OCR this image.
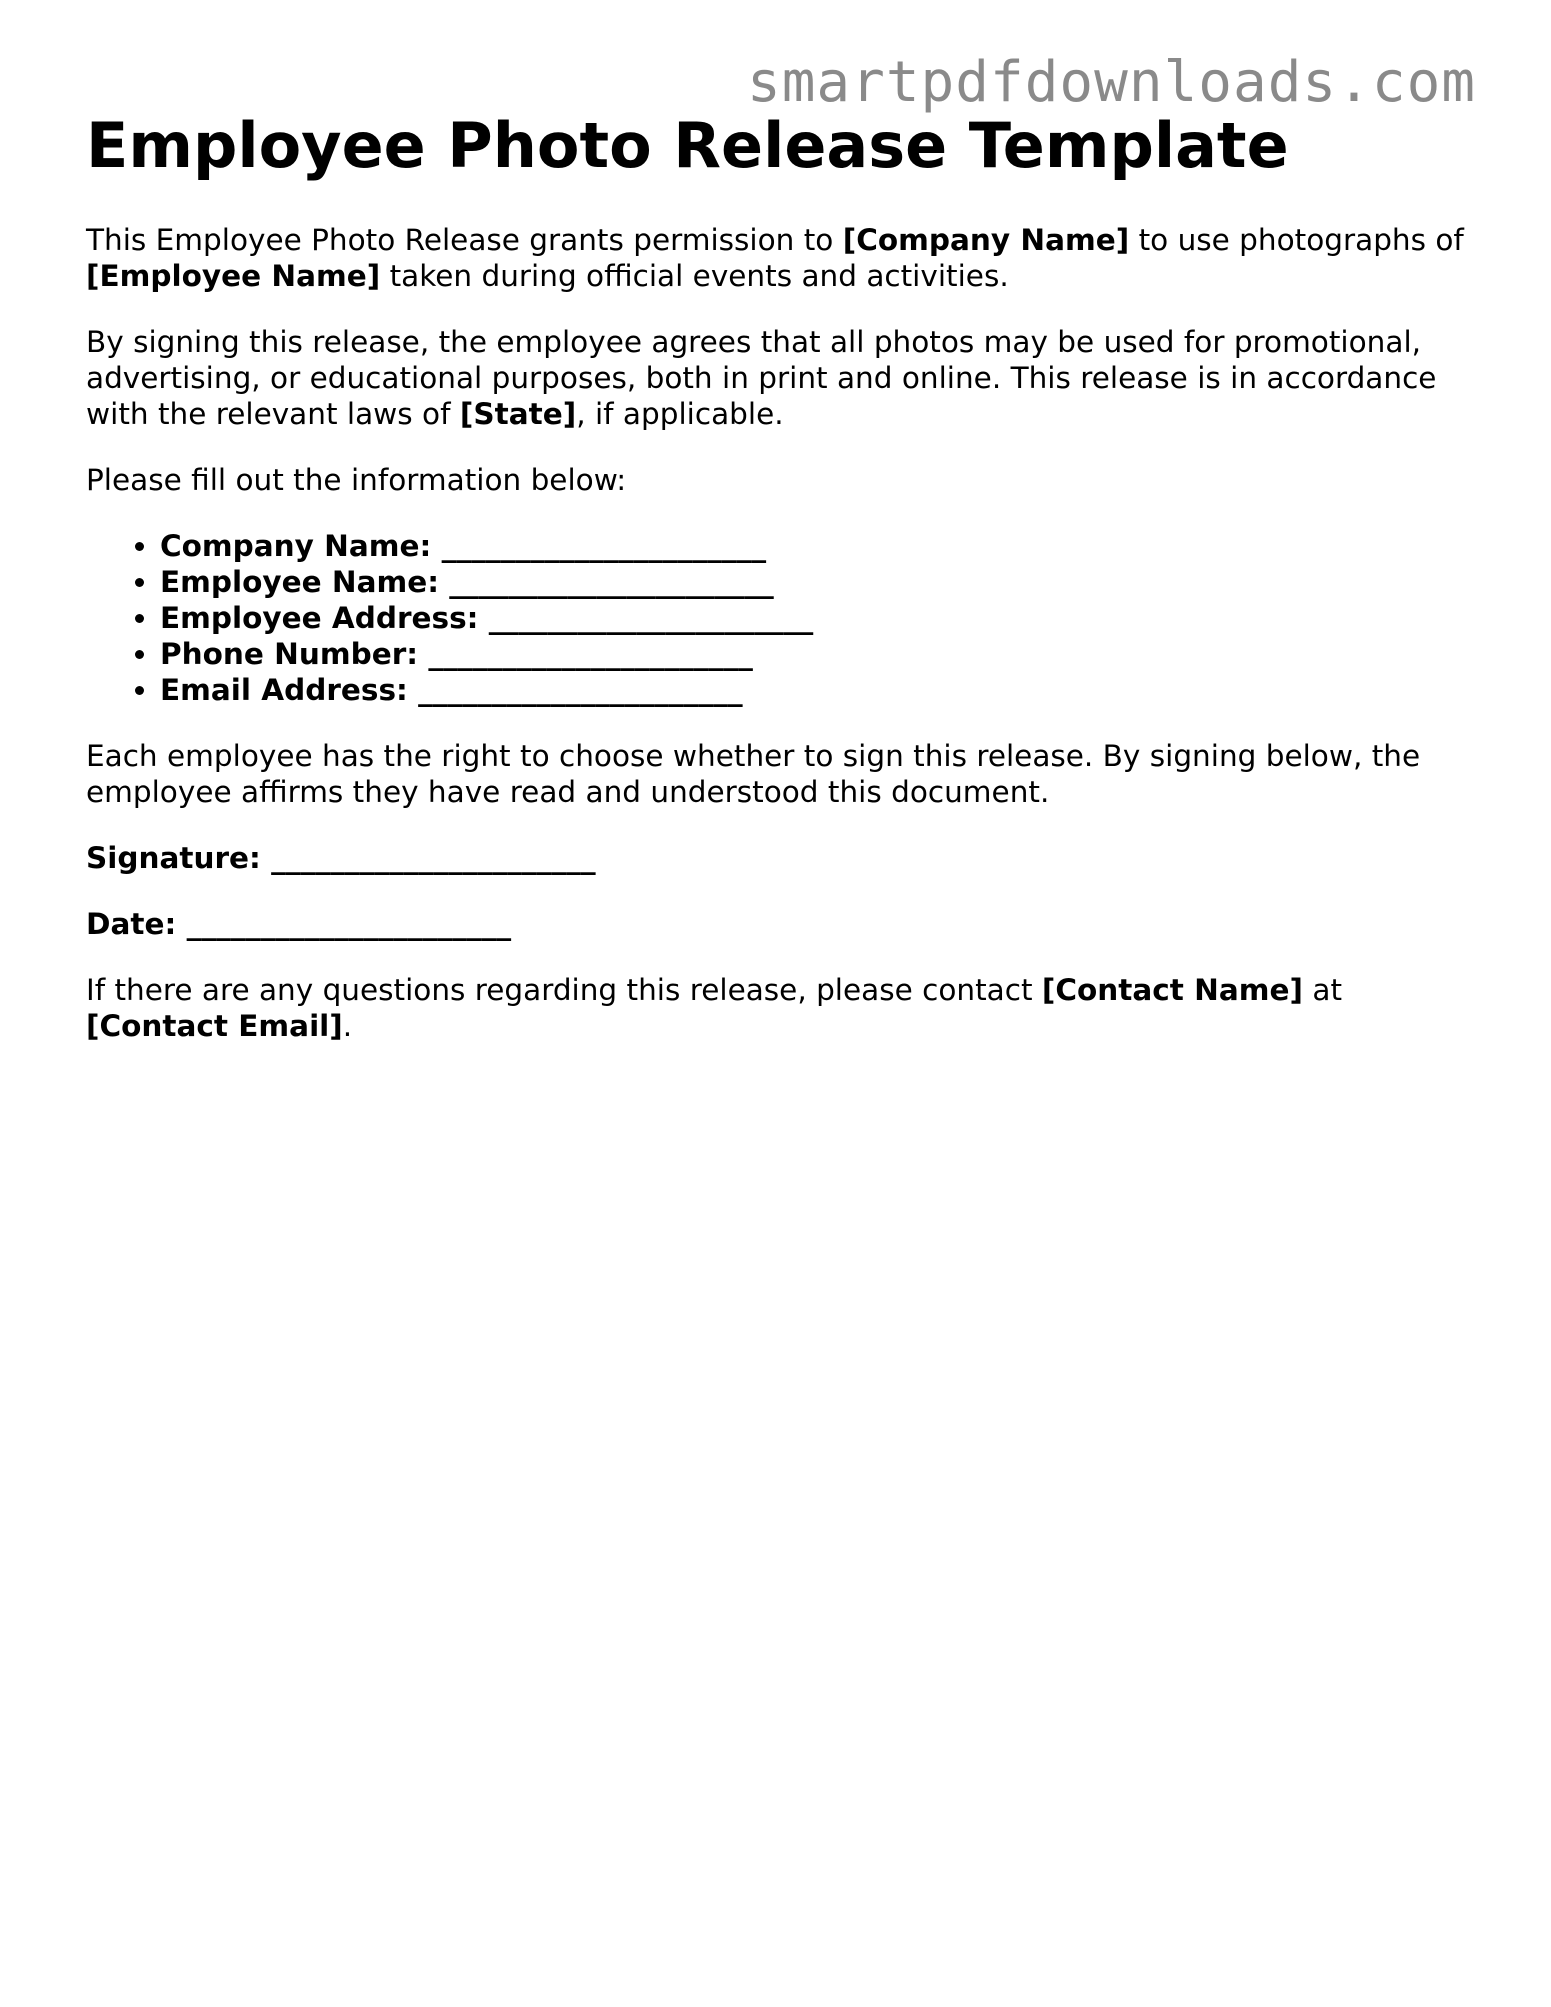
smartpdfdownloads.com
Employee Photo Release Template

This Employee Photo Release grants permission to [Company Name] to use photographs of [Employee Name] taken during official events and activities.

By signing this release, the employee agrees that all photos may be used for promotional, advertising, or educational purposes, both in print and online. This release is in accordance with the relevant laws of [State], if applicable.

Please fill out the information below:

• Company Name: ______________________
• Employee Name: ______________________
• Employee Address: ______________________
• Phone Number: ______________________
• Email Address: ______________________

Each employee has the right to choose whether to sign this release. By signing below, the employee affirms they have read and understood this document.

Signature: ______________________

Date: ______________________

If there are any questions regarding this release, please contact [Contact Name] at [Contact Email].
